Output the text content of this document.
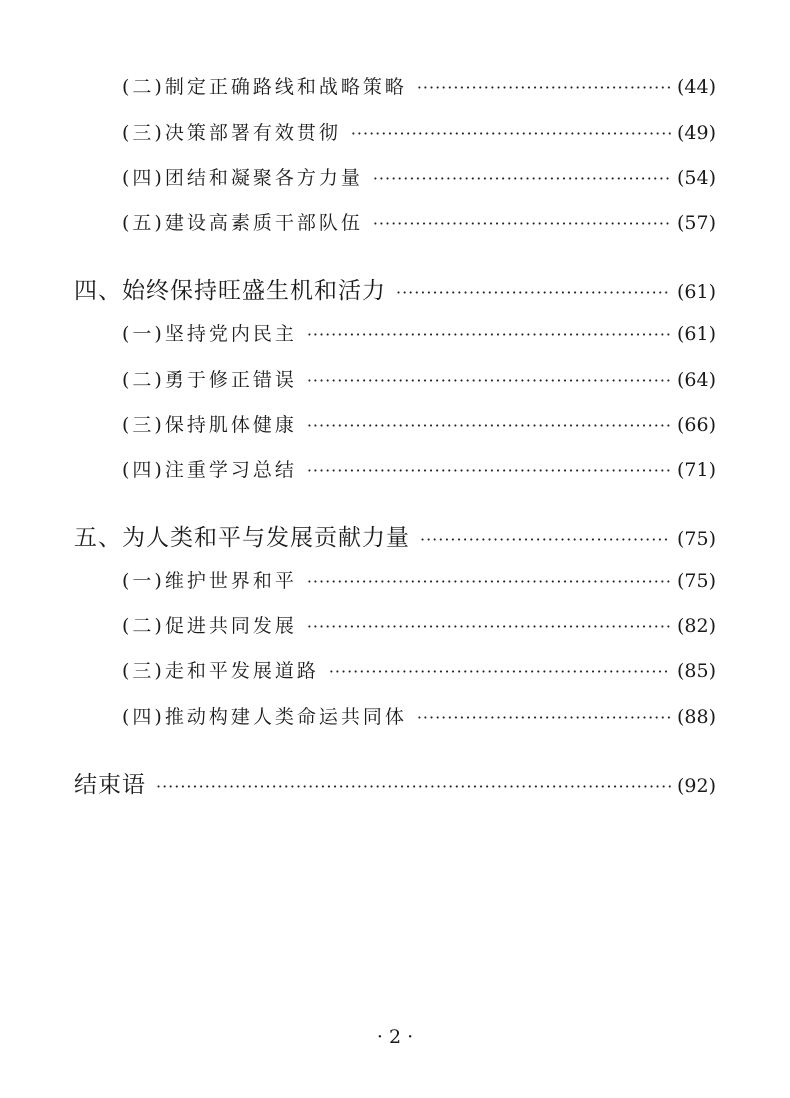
(二)制定正确路线和战略策略 ·····	(44)
(三)决策部署有效贯彻 ·····	(49)
(四)团结和凝聚各方力量 ·····	(54)
(五)建设高素质干部队伍 ·····	(57)
四、始终保持旺盛生机和活力 ·····	(61)
(一)坚持党内民主 ·····	(61)
(二)勇于修正错误 ·····	(64)
(三)保持肌体健康 ·····	(66)
(四)注重学习总结 ·····	(71)
五、为人类和平与发展贡献力量 ·····	(75)
(一)维护世界和平 ·····	(75)
(二)促进共同发展 ·····	(82)
(三)走和平发展道路 ·····	(85)
(四)推动构建人类命运共同体 ·····	(88)
结束语 ·····	(92)
· 2 ·
